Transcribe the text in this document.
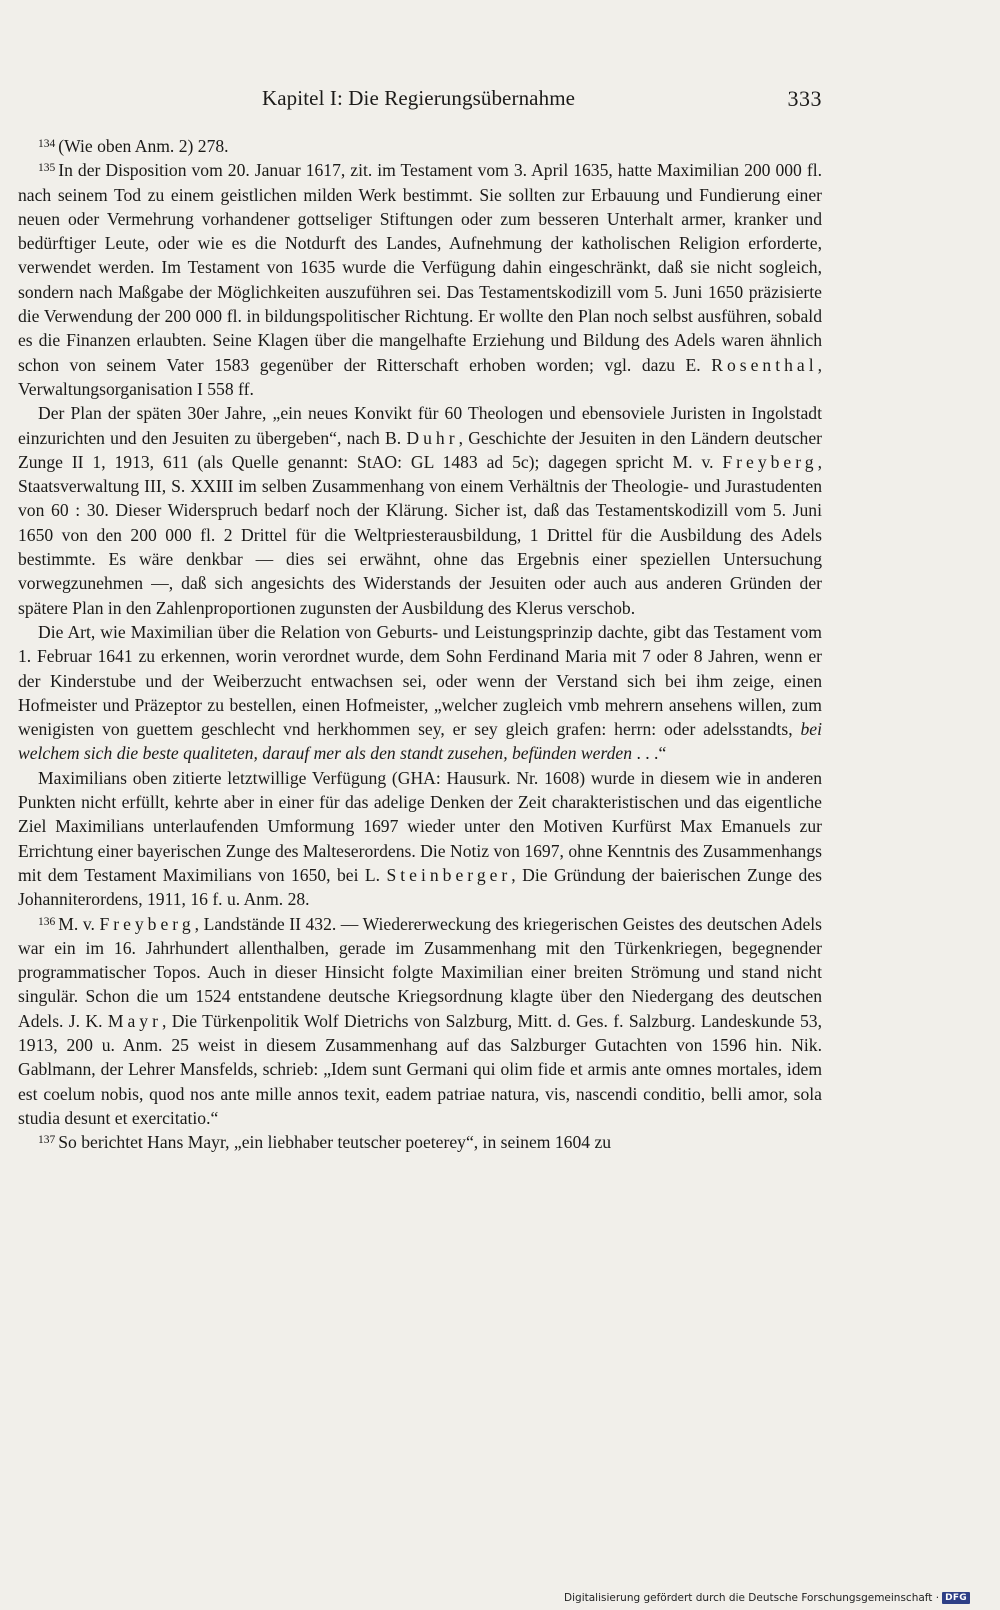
Kapitel I: Die Regierungsübernahme	333

$^{134}$ (Wie oben Anm. 2) 278.

$^{135}$ In der Disposition vom 20. Januar 1617, zit. im Testament vom 3. April 1635, hatte Maximilian 200 000 fl. nach seinem Tod zu einem geistlichen milden Werk bestimmt. Sie sollten zur Erbauung und Fundierung einer neuen oder Vermehrung vorhandener gottseliger Stiftungen oder zum besseren Unterhalt armer, kranker und bedürftiger Leute, oder wie es die Notdurft des Landes, Aufnehmung der katholischen Religion erforderte, verwendet werden. Im Testament von 1635 wurde die Verfügung dahin eingeschränkt, daß sie nicht sogleich, sondern nach Maßgabe der Möglichkeiten auszuführen sei. Das Testamentskodizill vom 5. Juni 1650 präzisierte die Verwendung der 200 000 fl. in bildungspolitischer Richtung. Er wollte den Plan noch selbst ausführen, sobald es die Finanzen erlaubten. Seine Klagen über die mangelhafte Erziehung und Bildung des Adels waren ähnlich schon von seinem Vater 1583 gegenüber der Ritterschaft erhoben worden; vgl. dazu E. Rosenthal, Verwaltungsorganisation I 558 ff.

Der Plan der späten 30er Jahre, „ein neues Konvikt für 60 Theologen und ebensoviele Juristen in Ingolstadt einzurichten und den Jesuiten zu übergeben“, nach B. Duhr, Geschichte der Jesuiten in den Ländern deutscher Zunge II 1, 1913, 611 (als Quelle genannt: StAO: GL 1483 ad 5c); dagegen spricht M. v. Freyberg, Staatsverwaltung III, S. XXIII im selben Zusammenhang von einem Verhältnis der Theologie- und Jurastudenten von 60 : 30. Dieser Widerspruch bedarf noch der Klärung. Sicher ist, daß das Testamentskodizill vom 5. Juni 1650 von den 200 000 fl. 2 Drittel für die Weltpriesterausbildung, 1 Drittel für die Ausbildung des Adels bestimmte. Es wäre denkbar — dies sei erwähnt, ohne das Ergebnis einer speziellen Untersuchung vorwegzunehmen —, daß sich angesichts des Widerstands der Jesuiten oder auch aus anderen Gründen der spätere Plan in den Zahlenproportionen zugunsten der Ausbildung des Klerus verschob.

Die Art, wie Maximilian über die Relation von Geburts- und Leistungsprinzip dachte, gibt das Testament vom 1. Februar 1641 zu erkennen, worin verordnet wurde, dem Sohn Ferdinand Maria mit 7 oder 8 Jahren, wenn er der Kinderstube und der Weiberzucht entwachsen sei, oder wenn der Verstand sich bei ihm zeige, einen Hofmeister und Präzeptor zu bestellen, einen Hofmeister, „welcher zugleich vmb mehrern ansehens willen, zum wenigisten von guettem geschlecht vnd herkhommen sey, er sey gleich grafen: herrn: oder adelsstandts, bei welchem sich die beste qualiteten, darauf mer als den standt zusehen, befünden werden . . .“

Maximilians oben zitierte letztwillige Verfügung (GHA: Hausurk. Nr. 1608) wurde in diesem wie in anderen Punkten nicht erfüllt, kehrte aber in einer für das adelige Denken der Zeit charakteristischen und das eigentliche Ziel Maximilians unterlaufenden Umformung 1697 wieder unter den Motiven Kurfürst Max Emanuels zur Errichtung einer bayerischen Zunge des Malteserordens. Die Notiz von 1697, ohne Kenntnis des Zusammenhangs mit dem Testament Maximilians von 1650, bei L. Steinberger, Die Gründung der baierischen Zunge des Johanniterordens, 1911, 16 f. u. Anm. 28.

$^{136}$ M. v. Freyberg, Landstände II 432. — Wiedererweckung des kriegerischen Geistes des deutschen Adels war ein im 16. Jahrhundert allenthalben, gerade im Zusammenhang mit den Türkenkriegen, begegnender programmatischer Topos. Auch in dieser Hinsicht folgte Maximilian einer breiten Strömung und stand nicht singulär. Schon die um 1524 entstandene deutsche Kriegsordnung klagte über den Niedergang des deutschen Adels. J. K. Mayr, Die Türkenpolitik Wolf Dietrichs von Salzburg, Mitt. d. Ges. f. Salzburg. Landeskunde 53, 1913, 200 u. Anm. 25 weist in diesem Zusammenhang auf das Salzburger Gutachten von 1596 hin. Nik. Gablmann, der Lehrer Mansfelds, schrieb: „Idem sunt Germani qui olim fide et armis ante omnes mortales, idem est coelum nobis, quod nos ante mille annos texit, eadem patriae natura, vis, nascendi conditio, belli amor, sola studia desunt et exercitatio.“

$^{137}$ So berichtet Hans Mayr, „ein liebhaber teutscher poeterey“, in seinem 1604 zu

Digitalisierung gefördert durch die Deutsche Forschungsgemeinschaft · DFG
